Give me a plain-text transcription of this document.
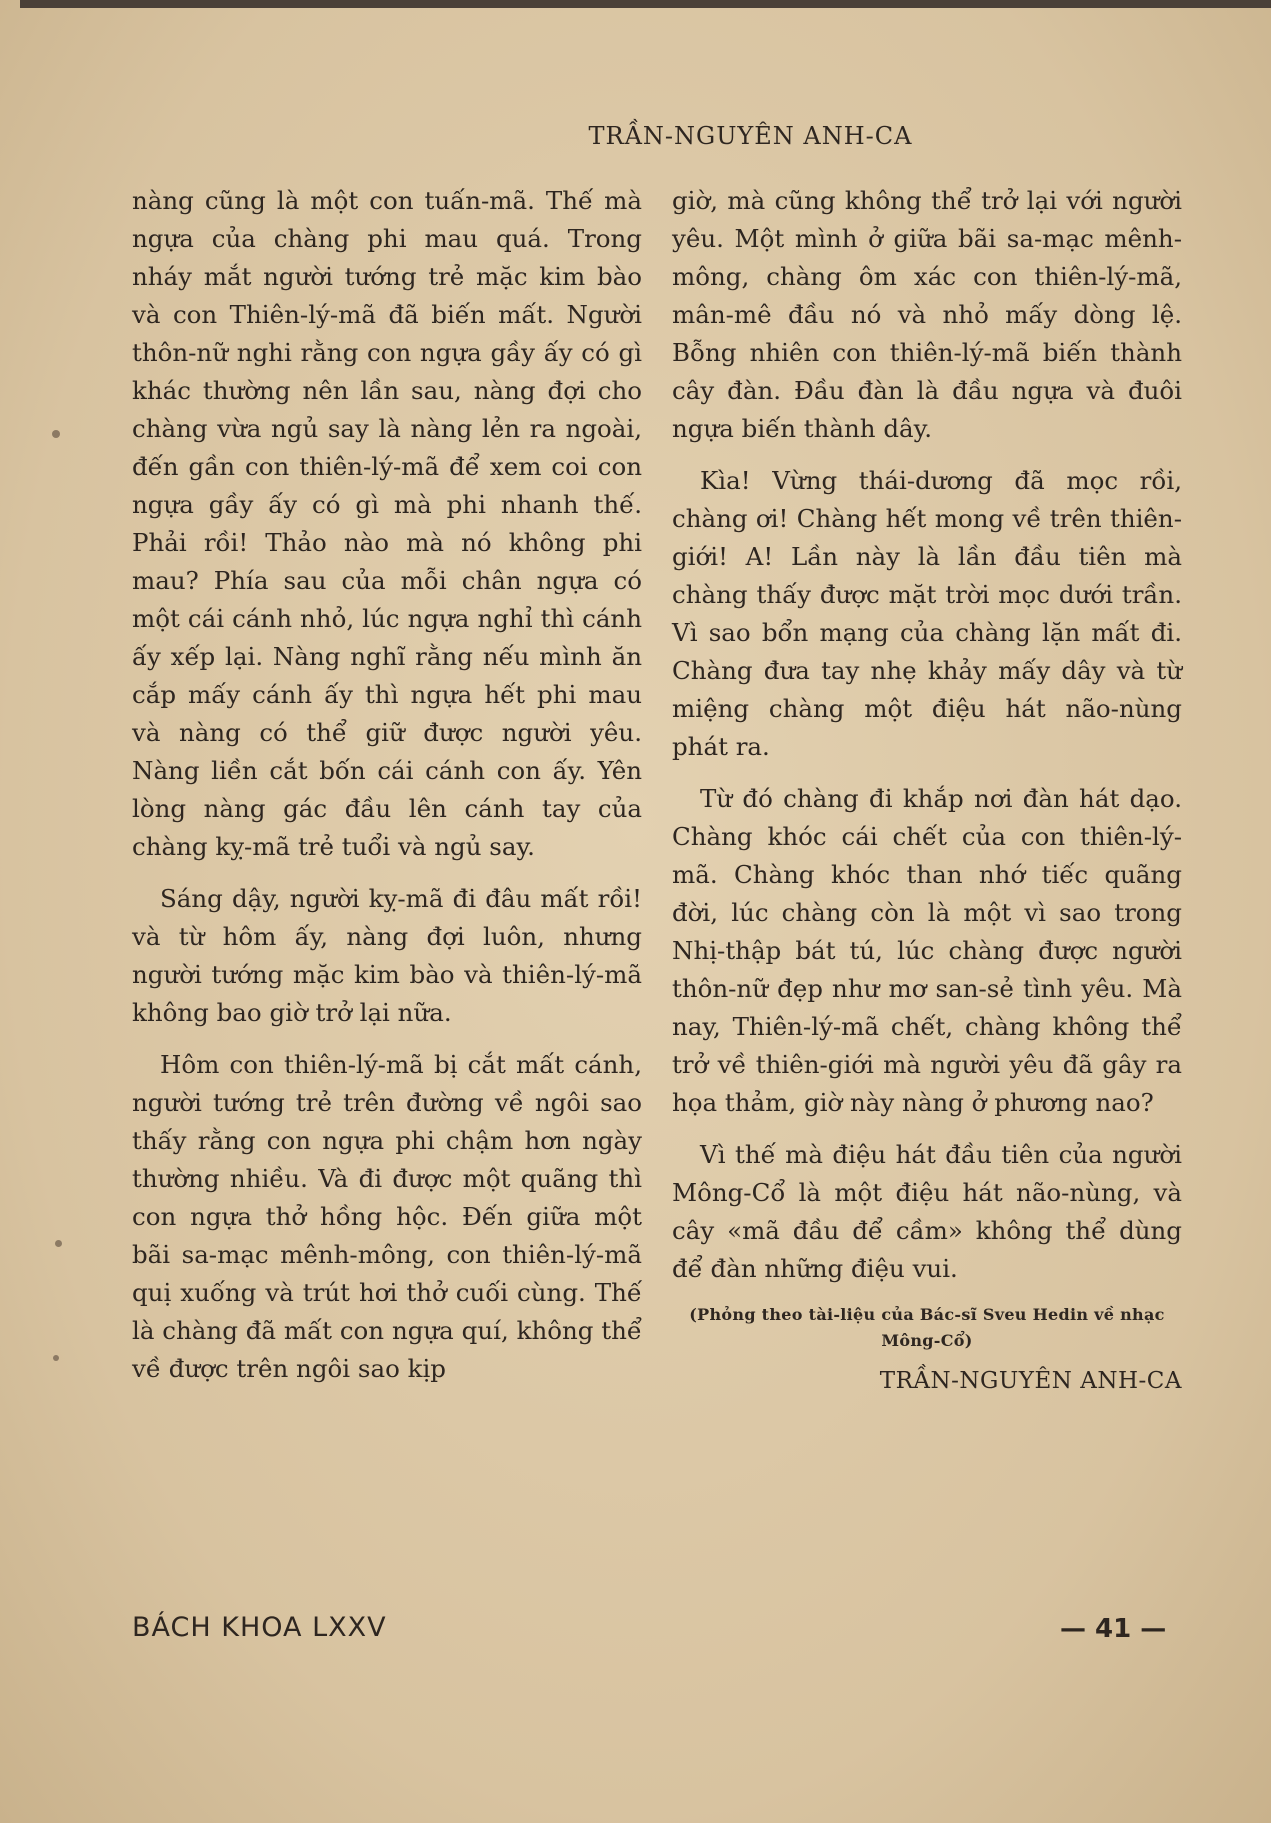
TRẦN-NGUYÊN ANH-CA

nàng cũng là một con tuấn-mã. Thế mà ngựa của chàng phi mau quá. Trong nháy mắt người tướng trẻ mặc kim bào và con Thiên-lý-mã đã biến mất. Người thôn-nữ nghi rằng con ngựa gầy ấy có gì khác thường nên lần sau, nàng đợi cho chàng vừa ngủ say là nàng lẻn ra ngoài, đến gần con thiên-lý-mã để xem coi con ngựa gầy ấy có gì mà phi nhanh thế. Phải rồi! Thảo nào mà nó không phi mau? Phía sau của mỗi chân ngựa có một cái cánh nhỏ, lúc ngựa nghỉ thì cánh ấy xếp lại. Nàng nghĩ rằng nếu mình ăn cắp mấy cánh ấy thì ngựa hết phi mau và nàng có thể giữ được người yêu. Nàng liền cắt bốn cái cánh con ấy. Yên lòng nàng gác đầu lên cánh tay của chàng kỵ-mã trẻ tuổi và ngủ say.

Sáng dậy, người kỵ-mã đi đâu mất rồi! và từ hôm ấy, nàng đợi luôn, nhưng người tướng mặc kim bào và thiên-lý-mã không bao giờ trở lại nữa.

Hôm con thiên-lý-mã bị cắt mất cánh, người tướng trẻ trên đường về ngôi sao thấy rằng con ngựa phi chậm hơn ngày thường nhiều. Và đi được một quãng thì con ngựa thở hồng hộc. Đến giữa một bãi sa-mạc mênh-mông, con thiên-lý-mã quị xuống và trút hơi thở cuối cùng. Thế là chàng đã mất con ngựa quí, không thể về được trên ngôi sao kịp

giờ, mà cũng không thể trở lại với người yêu. Một mình ở giữa bãi sa-mạc mênh-mông, chàng ôm xác con thiên-lý-mã, mân-mê đầu nó và nhỏ mấy dòng lệ. Bỗng nhiên con thiên-lý-mã biến thành cây đàn. Đầu đàn là đầu ngựa và đuôi ngựa biến thành dây.

Kìa! Vừng thái-dương đã mọc rồi, chàng ơi! Chàng hết mong về trên thiên-giới! A! Lần này là lần đầu tiên mà chàng thấy được mặt trời mọc dưới trần. Vì sao bổn mạng của chàng lặn mất đi. Chàng đưa tay nhẹ khảy mấy dây và từ miệng chàng một điệu hát não-nùng phát ra.

Từ đó chàng đi khắp nơi đàn hát dạo. Chàng khóc cái chết của con thiên-lý-mã. Chàng khóc than nhớ tiếc quãng đời, lúc chàng còn là một vì sao trong Nhị-thập bát tú, lúc chàng được người thôn-nữ đẹp như mơ san-sẻ tình yêu. Mà nay, Thiên-lý-mã chết, chàng không thể trở về thiên-giới mà người yêu đã gây ra họa thảm, giờ này nàng ở phương nao?

Vì thế mà điệu hát đầu tiên của người Mông-Cổ là một điệu hát não-nùng, và cây «mã đầu để cầm» không thể dùng để đàn những điệu vui.

(Phỏng theo tài-liệu của Bác-sĩ Sveu Hedin về nhạc Mông-Cổ)
TRẦN-NGUYÊN ANH-CA
BÁCH KHOA LXXV	— 41 —
